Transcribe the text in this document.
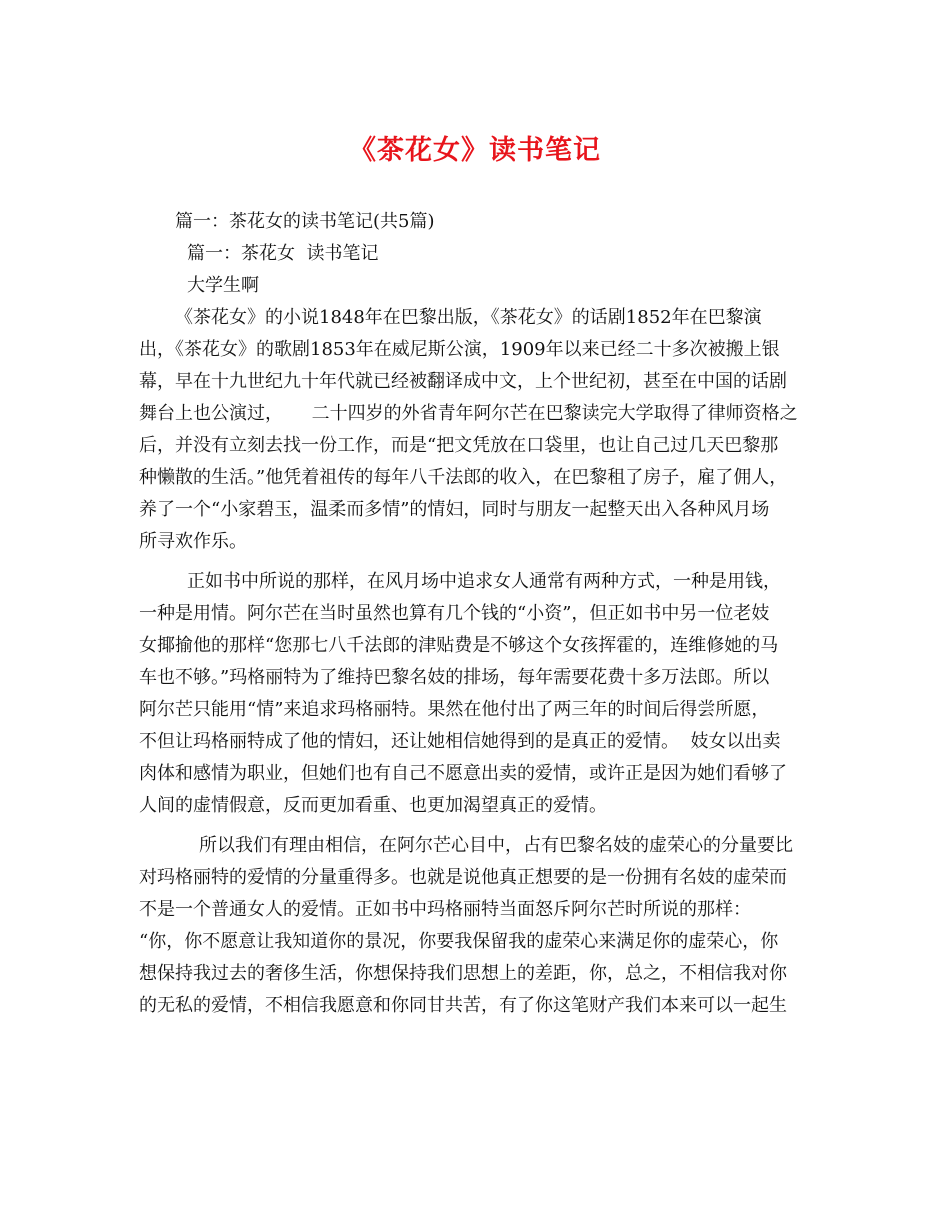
《茶花女》读书笔记

篇一：茶花女的读书笔记(共5篇)

篇一：茶花女  读书笔记

大学生啊

《茶花女》的小说1848年在巴黎出版，《茶花女》的话剧1852年在巴黎演

出，《茶花女》的歌剧1853年在威尼斯公演，1909年以来已经二十多次被搬上银

幕，早在十九世纪九十年代就已经被翻译成中文，上个世纪初，甚至在中国的话剧

舞台上也公演过，     二十四岁的外省青年阿尔芒在巴黎读完大学取得了律师资格之

后，并没有立刻去找一份工作，而是“把文凭放在口袋里，也让自己过几天巴黎那

种懒散的生活。”他凭着祖传的每年八千法郎的收入，在巴黎租了房子，雇了佣人，

养了一个“小家碧玉，温柔而多情”的情妇，同时与朋友一起整天出入各种风月场

所寻欢作乐。

正如书中所说的那样，在风月场中追求女人通常有两种方式，一种是用钱，

一种是用情。阿尔芒在当时虽然也算有几个钱的“小资”，但正如书中另一位老妓

女揶揄他的那样“您那七八千法郎的津贴费是不够这个女孩挥霍的，连维修她的马

车也不够。”玛格丽特为了维持巴黎名妓的排场，每年需要花费十多万法郎。所以

阿尔芒只能用“情”来追求玛格丽特。果然在他付出了两三年的时间后得尝所愿，

不但让玛格丽特成了他的情妇，还让她相信她得到的是真正的爱情。  妓女以出卖

肉体和感情为职业，但她们也有自己不愿意出卖的爱情，或许正是因为她们看够了

人间的虚情假意，反而更加看重、也更加渴望真正的爱情。

所以我们有理由相信，在阿尔芒心目中，占有巴黎名妓的虚荣心的分量要比

对玛格丽特的爱情的分量重得多。也就是说他真正想要的是一份拥有名妓的虚荣而

不是一个普通女人的爱情。正如书中玛格丽特当面怒斥阿尔芒时所说的那样：

“你，你不愿意让我知道你的景况，你要我保留我的虚荣心来满足你的虚荣心，你

想保持我过去的奢侈生活，你想保持我们思想上的差距，你，总之，不相信我对你

的无私的爱情，不相信我愿意和你同甘共苦，有了你这笔财产我们本来可以一起生
